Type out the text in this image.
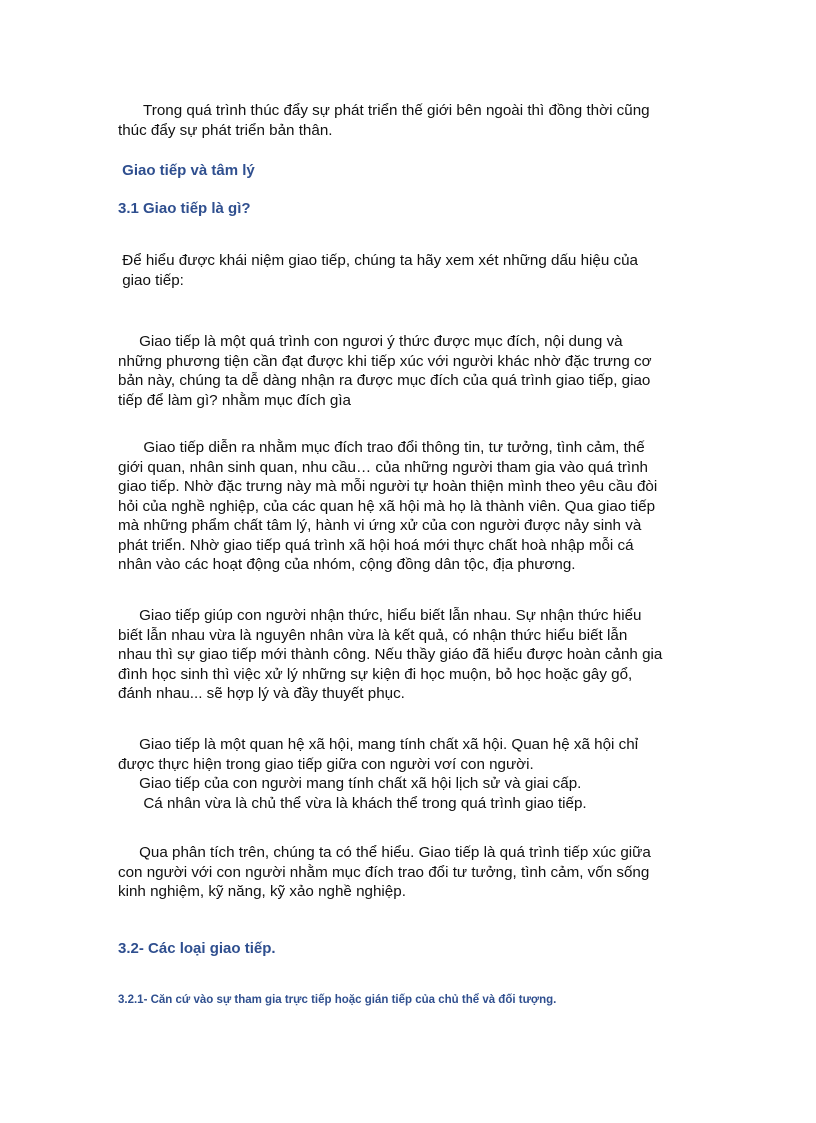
Trong quá trình thúc đẩy sự phát triển thế giới bên ngoài thì đồng thời cũng
thúc đẩy sự phát triển bản thân.
Giao tiếp và tâm lý
3.1 Giao tiếp là gì?
Để hiểu được khái niệm giao tiếp, chúng ta hãy xem xét những dấu hiệu của
giao tiếp:
Giao tiếp là một quá trình con ngươi ý thức được mục đích, nội dung và
những phương tiện cần đạt được khi tiếp xúc với người khác nhờ đặc trưng cơ
bản này, chúng ta dễ dàng nhận ra được mục đích của quá trình giao tiếp, giao
tiếp để làm gì? nhằm mục đích gìa
Giao tiếp diễn ra nhằm mục đích trao đổi thông tin, tư tưởng, tình cảm, thế
giới quan, nhân sinh quan, nhu cầu… của những người tham gia vào quá trình
giao tiếp. Nhờ đặc trưng này mà mỗi người tự hoàn thiện mình theo yêu cầu đòi
hỏi của nghề nghiệp, của các quan hệ xã hội mà họ là thành viên. Qua giao tiếp
mà những phẩm chất tâm lý, hành vi ứng xử của con người được nảy sinh và
phát triển. Nhờ giao tiếp quá trình xã hội hoá mới thực chất hoà nhập mỗi cá
nhân vào các hoạt động của nhóm, cộng đồng dân tộc, địa phương.
Giao tiếp giúp con người nhận thức, hiểu biết lẫn nhau. Sự nhận thức hiểu
biết lẫn nhau vừa là nguyên nhân vừa là kết quả, có nhận thức hiểu biết lẫn
nhau thì sự giao tiếp mới thành công. Nếu thầy giáo đã hiểu được hoàn cảnh gia
đình học sinh thì việc xử lý những sự kiện đi học muộn, bỏ học hoặc gây gổ,
đánh nhau... sẽ hợp lý và đầy thuyết phục.
Giao tiếp là một quan hệ xã hội, mang tính chất xã hội. Quan hệ xã hội chỉ
được thực hiện trong giao tiếp giữa con người vơí con người.
Giao tiếp của con người mang tính chất xã hội lịch sử và giai cấp.
Cá nhân vừa là chủ thể vừa là khách thể trong quá trình giao tiếp.
Qua phân tích trên, chúng ta có thể hiểu. Giao tiếp là quá trình tiếp xúc giữa
con người với con người nhằm mục đích trao đổi tư tưởng, tình cảm, vốn sống
kinh nghiệm, kỹ năng, kỹ xảo nghề nghiệp.
3.2- Các loại giao tiếp.
3.2.1- Căn cứ vào sự tham gia trực tiếp hoặc gián tiếp của chủ thể và đối tượng.
